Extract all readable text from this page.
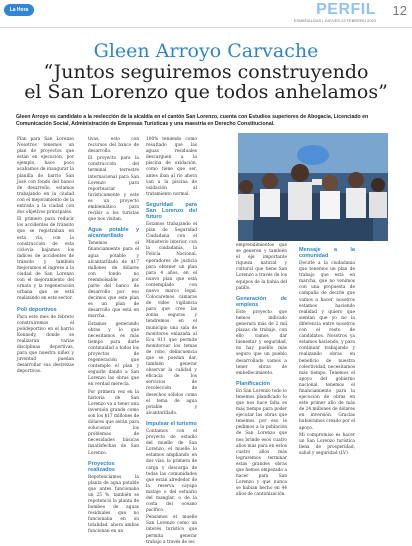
La Hora	PERFIL 12
ESMERALDAS | JUEVES 23 FEBRERO 2023
Gleen Arroyo Carvache
“Juntos seguiremos construyendo
el San Lorenzo que todos anhelamos”
Gleen Arroyo es candidato a la reelección de la alcaldía en el cantón San Lorenzo, cuenta con Estudios superiores de Abogacía, Licenciado en Comunicación Social, Administración de Empresas Turísticas y una maestría en Derecho Constitucional.

Plan para San Lorenzo Nosotros tenemos un plan de proyectos que están en ejecución, por ejemplo, hace poco acabamos de inaugurar la planilla de barrio San José con fondo del banco de desarrollo, estamos trabajando en la ciudad con el mejoramiento de la entrada a la ciudad con dos objetivos principales.

El primero para reducir los accidentes de tránsito que se registraban en esta vía, con la construcción de esta ciclovía bajamos los índices de accidentes de tránsito y también mejoramos el ingreso a la ciudad de San Lorenzo con el mejoramiento del ornato y la regeneración urbana que se está realizando en este sector.

Polí deportivos

Para este mes de febrero construiremos el polideportivo en el barrio Kennedy, donde se realizarán varias disciplinas deportivas, para que nuestra niñez y juventud puedan desarrollar sus destrezas deportivas.

tivas, esto con recursos del banco de desarrollo.

El proyecto para la construcción del terminal terrestre internacional para San Lorenzo para reporteaciar turísticamente y este es un proyecto emblemático para recibir a los turistas que nos visitan.

Agua potable y alcantarillado

Tenemos el financiamiento para el agua potable y alcantarillado de $17 millones de dólares con fondo no reembolsable por parte del banco de desarrollo por eso decimos que este plan es un plan de desarrollo que está en marcha.

Estamos generando obras y lo que necesitamos es más tiempo para darle continuidad a todos los proyectos de regeneración que contemple el plan y seguirle dando a San Lorenzo las obras que en verdad merecía.

Por primera vez en la historia de San Lorenzo va a tener una inversión grande como son los $17 millones de dólares que serán para solucionar los problemas de necesidades básicas insatisfechas de San Lorenzo.

Proyectos realizados

Repotenciamos la planta de agua potable que antes funcionaba un 25 %, también se repotenció la planta de bombeo de aguas residuales que no funcionaba en su totalidad, ahora ambas funcionan en un

100% teniendo como resultado que las aguas residuales descarguen a la piscina de oxidación, como tiene que ser, antes iban al río ahora van a la piscina de oxidación al tratamiento normal.

Seguridad para San Lorenzo del futuro

Estamos trabajando el plan de Seguridad Ciudadana con el Ministerio interior, con la ciudadanía, la Policía Nacional, operadores de justicia para obtener un plan para 4 años, en el nuevo plan que está contemplado con nuevo marco legal. Colocaremos cámaras de video vigilancia para que cree las zonas seguras y tendremos en el municipio una sala de monitoreo enlazada al Ecu 911 que permite monitorear los temas de robo, delincuencia que se puedan dar, también generar observar la calidad y eficacia de los servicios de recolección de desechos sólidos como el tema de agua potable y alcantarillado.

Impulsar el turismo

Contamos con el proyecto de estudio del muelle de San Lorenzo, el muelle lo estamos ampliando en dos vías, la primera de carga y descarga de todas las comunidades que están alrededor de la reserva cayapa mataje o del estuario del manglar, o de la costa del océano pacífico.

Pensamos el muelle San Lorenzo como un interés turístico que permita generar trabajo a través de los

emprendimientos que se generen y también el eje importante riqueza natural y cultural que tiene San Lorenzo a través de los equipos de la bahía del palillo.

Generación de empleos

Este proyecto que hemos indicado generará más de 2 mil plazas de trabajo, con ello vamos dar bienestar y seguridad, no hay pueblo más seguro que un pueblo desarrollado vamos a tener obras de embellecimiento.

Planificación

En San Lorenzo todo lo tenemos planificado lo que nos hace falta es más tiempo para poder ejecutar las obras que tenemos por eso le pedimos a la población de San Lorenzo que nos brinde esos cuatro años más para en estos cuatro años más lograremos terminar estas grandes obras que hemos empezado a hacer para San Lorenzo y que nunca se habían hecho en 44 años de cantonización.

Mensaje a la comunidad

Decirle a la ciudadanía que tenemos un plan de trabajo que está en marcha, que no venimos con una propuesta de campaña de decirle que vamos a hacer, nosotros estamos haciendo realidad y quiero que sientan que yo no la diferencia entre nosotros con el resto de candidatos. Nosotros ya estamos haciendo, y para continuar trabajando y realizando obras en beneficio de nuestra colectividad, necesitamos más tiempo. Tenemos el apoyo del gobierno nacional, tenemos el financiamiento para la ejecución de obras en este primer año de más de 24 millones de dólares en inversión. Gracias hubiéramos creado por el apoyo.

Mi compromiso es hacer un San Lorenzo turística llena de prosperidad, salud y seguridad (LV)
